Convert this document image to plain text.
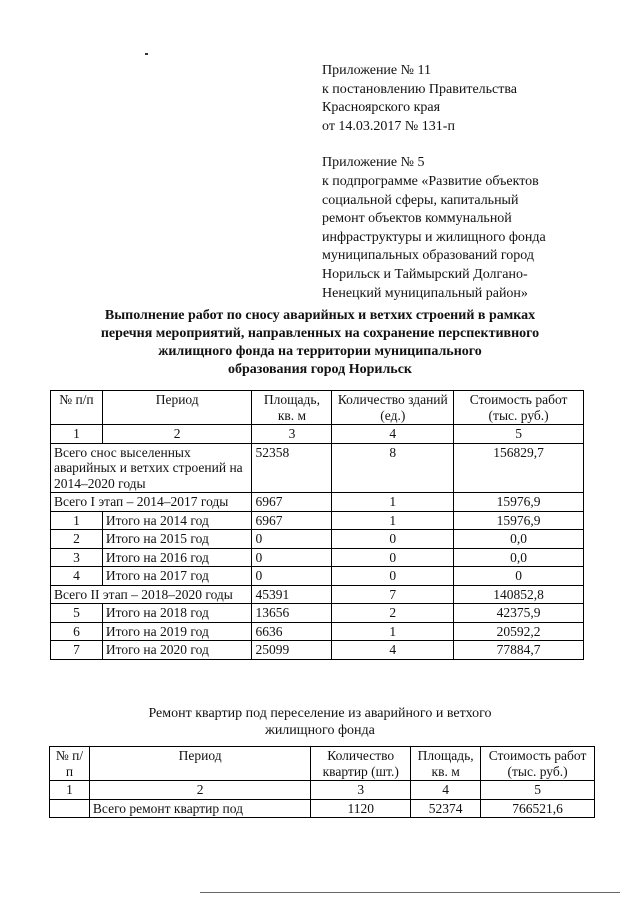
Приложение № 11
к постановлению Правительства
Красноярского края
от 14.03.2017 № 131-п
Приложение № 5
к подпрограмме «Развитие объектов
социальной сферы, капитальный
ремонт объектов коммунальной
инфраструктуры и жилищного фонда
муниципальных образований город
Норильск и Таймырский Долгано-
Ненецкий муниципальный район»
Выполнение работ по сносу аварийных и ветхих строений в рамках
перечня мероприятий, направленных на сохранение перспективного
жилищного фонда на территории муниципального
образования город Норильск
№ п/п	Период	Площадь, кв. м	Количество зданий (ед.)	Стоимость работ (тыс. руб.)
1	2	3	4	5
Всего снос выселенных аварийных и ветхих строений на 2014–2020 годы		52358	8	156829,7
Всего I этап – 2014–2017 годы		6967	1	15976,9
1	Итого на 2014 год	6967	1	15976,9
2	Итого на 2015 год	0	0	0,0
3	Итого на 2016 год	0	0	0,0
4	Итого на 2017 год	0	0	0
Всего II этап – 2018–2020 годы		45391	7	140852,8
5	Итого на 2018 год	13656	2	42375,9
6	Итого на 2019 год	6636	1	20592,2
7	Итого на 2020 год	25099	4	77884,7
Ремонт квартир под переселение из аварийного и ветхого
жилищного фонда
№ п/п	Период	Количество квартир (шт.)	Площадь, кв. м	Стоимость работ (тыс. руб.)
1	2	3	4	5
	Всего ремонт квартир под	1120	52374	766521,6
